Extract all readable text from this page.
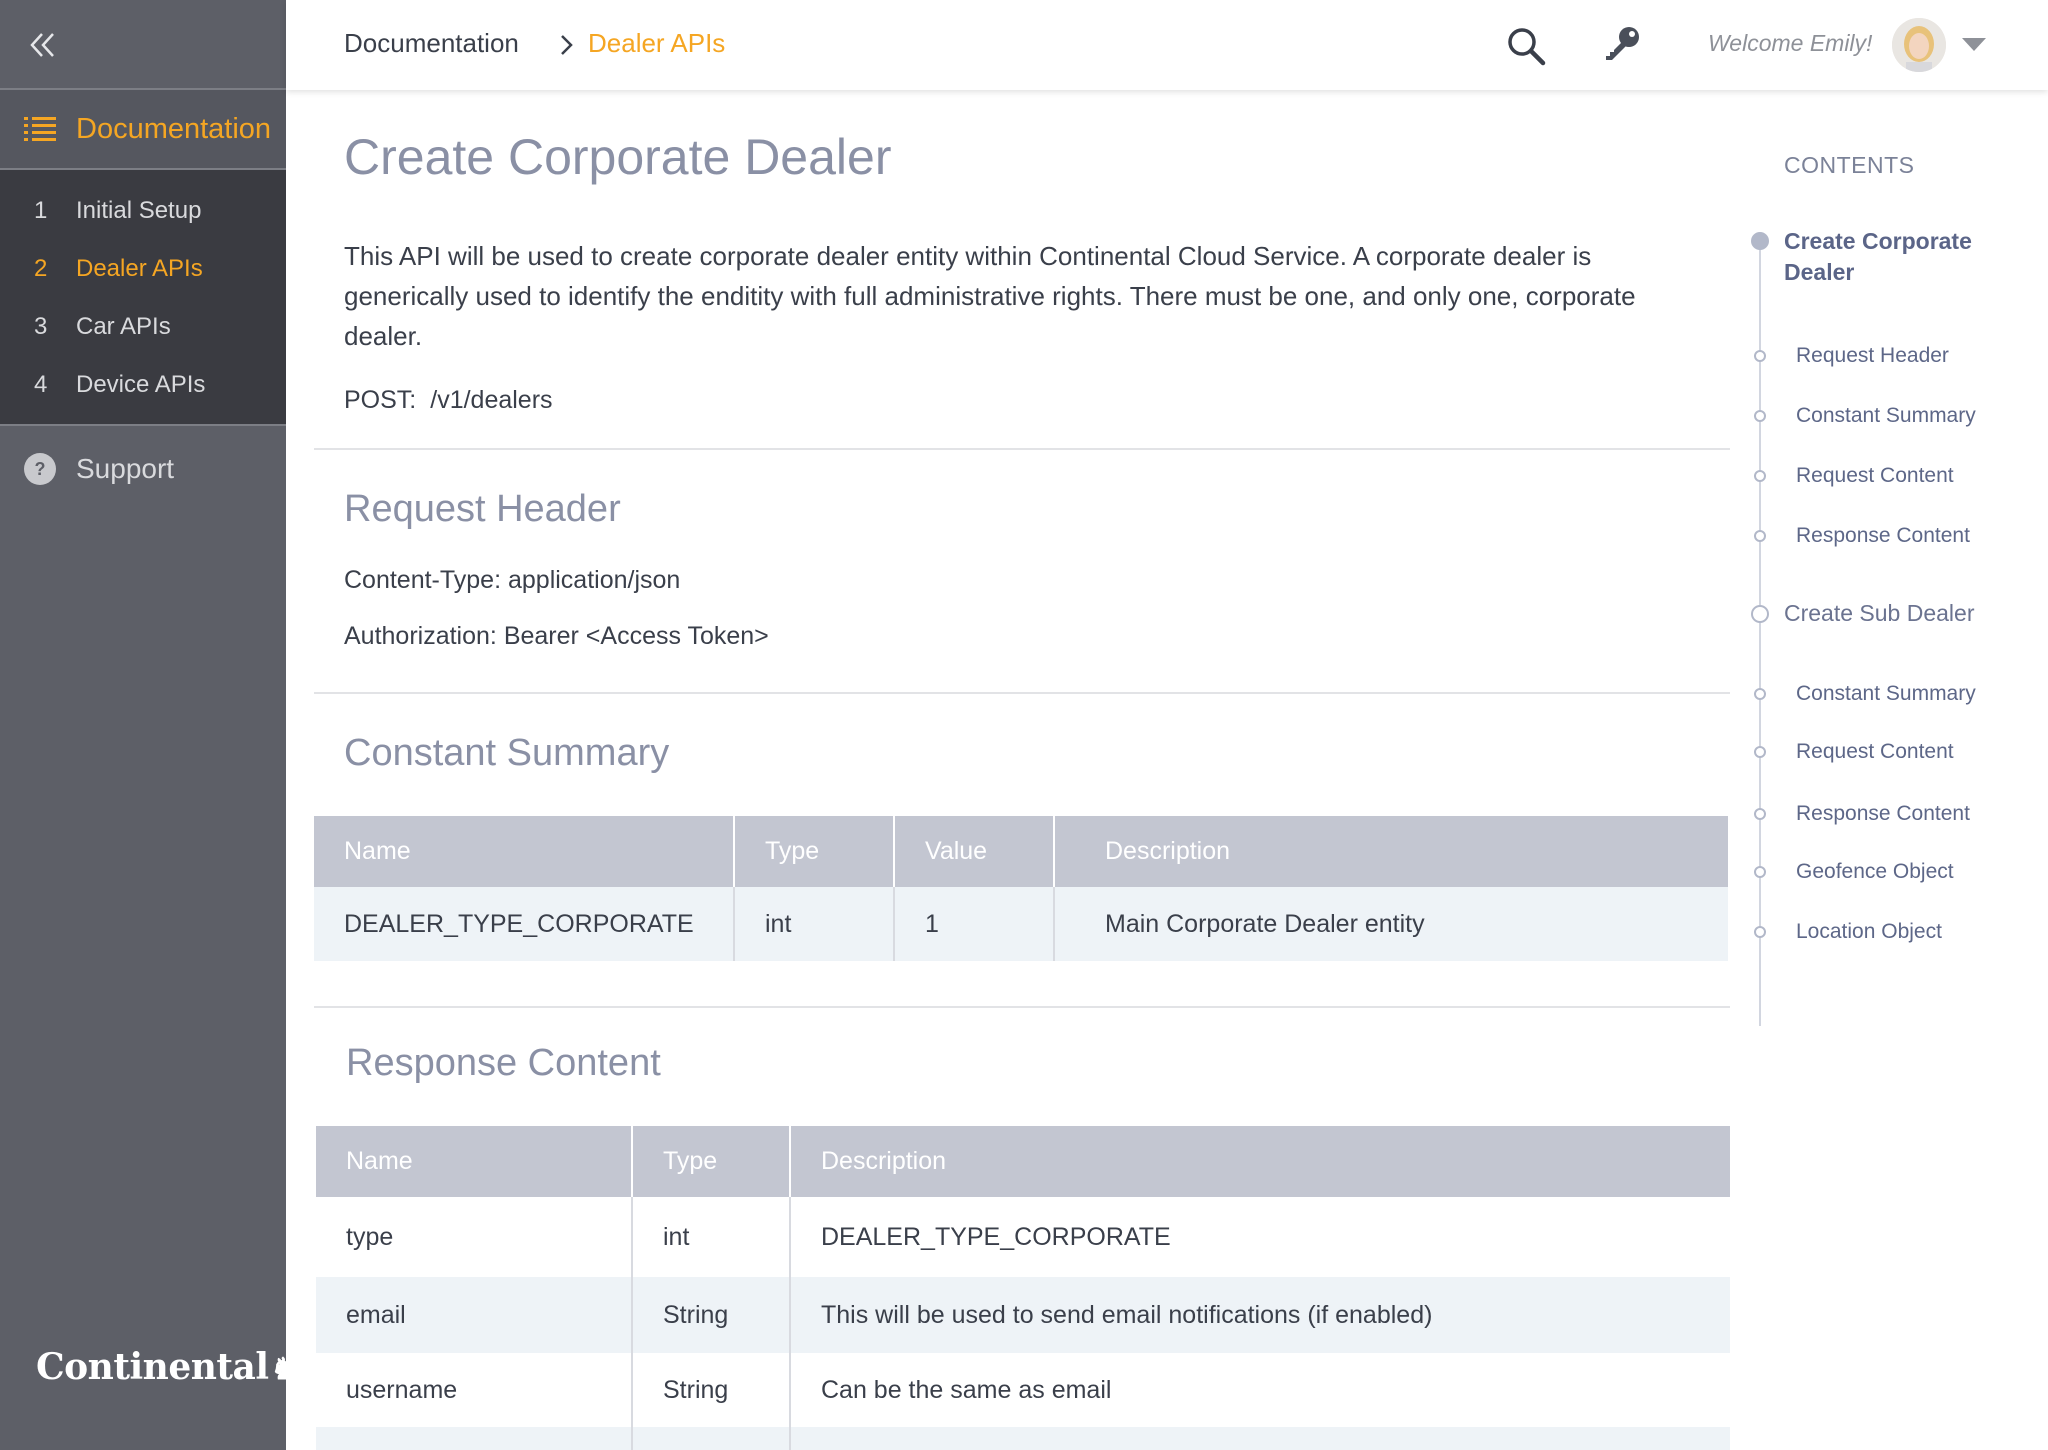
Documentation
1	Initial Setup
2	Dealer APIs
3	Car APIs
4	Device APIs
?	Support
Continental♞
Documentation	Dealer APIs	Welcome Emily!
Create Corporate Dealer

This API will be used to create corporate dealer entity within Continental Cloud Service. A corporate dealer is generically used to identify the enditity with full administrative rights. There must be one, and only one, corporate dealer.

POST: /v1/dealers
Request Header
Content-Type: application/json
Authorization: Bearer <Access Token>
Constant Summary
Name	Type	Value	Description
DEALER_TYPE_CORPORATE	int	1	Main Corporate Dealer entity
Response Content
Name	Type	Description
type	int	DEALER_TYPE_CORPORATE
email	String	This will be used to send email notifications (if enabled)
username	String	Can be the same as email

CONTENTS
Create Corporate Dealer
Request Header
Constant Summary
Request Content
Response Content
Create Sub Dealer
Constant Summary
Request Content
Response Content
Geofence Object
Location Object
